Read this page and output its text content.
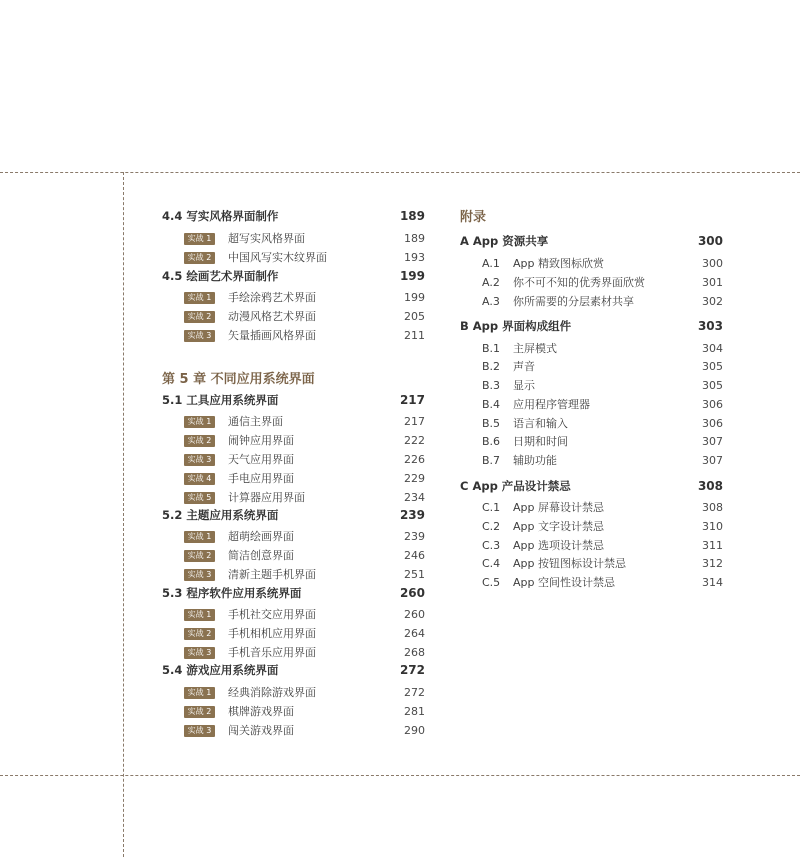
4.4 写实风格界面制作	189
实战 1	超写实风格界面	189
实战 2	中国风写实木纹界面	193
4.5 绘画艺术界面制作	199
实战 1	手绘涂鸦艺术界面	199
实战 2	动漫风格艺术界面	205
实战 3	矢量插画风格界面	211
第 5 章 不同应用系统界面
5.1 工具应用系统界面	217
实战 1	通信主界面	217
实战 2	闹钟应用界面	222
实战 3	天气应用界面	226
实战 4	手电应用界面	229
实战 5	计算器应用界面	234
5.2 主题应用系统界面	239
实战 1	超萌绘画界面	239
实战 2	简洁创意界面	246
实战 3	清新主题手机界面	251
5.3 程序软件应用系统界面	260
实战 1	手机社交应用界面	260
实战 2	手机相机应用界面	264
实战 3	手机音乐应用界面	268
5.4 游戏应用系统界面	272
实战 1	经典消除游戏界面	272
实战 2	棋牌游戏界面	281
实战 3	闯关游戏界面	290
附录
A App 资源共享	300
A.1 App 精致图标欣赏	300
A.2 你不可不知的优秀界面欣赏	301
A.3 你所需要的分层素材共享	302
B App 界面构成组件	303
B.1 主屏模式	304
B.2 声音	305
B.3 显示	305
B.4 应用程序管理器	306
B.5 语言和输入	306
B.6 日期和时间	307
B.7 辅助功能	307
C App 产品设计禁忌	308
C.1 App 屏幕设计禁忌	308
C.2 App 文字设计禁忌	310
C.3 App 选项设计禁忌	311
C.4 App 按钮图标设计禁忌	312
C.5 App 空间性设计禁忌	314
